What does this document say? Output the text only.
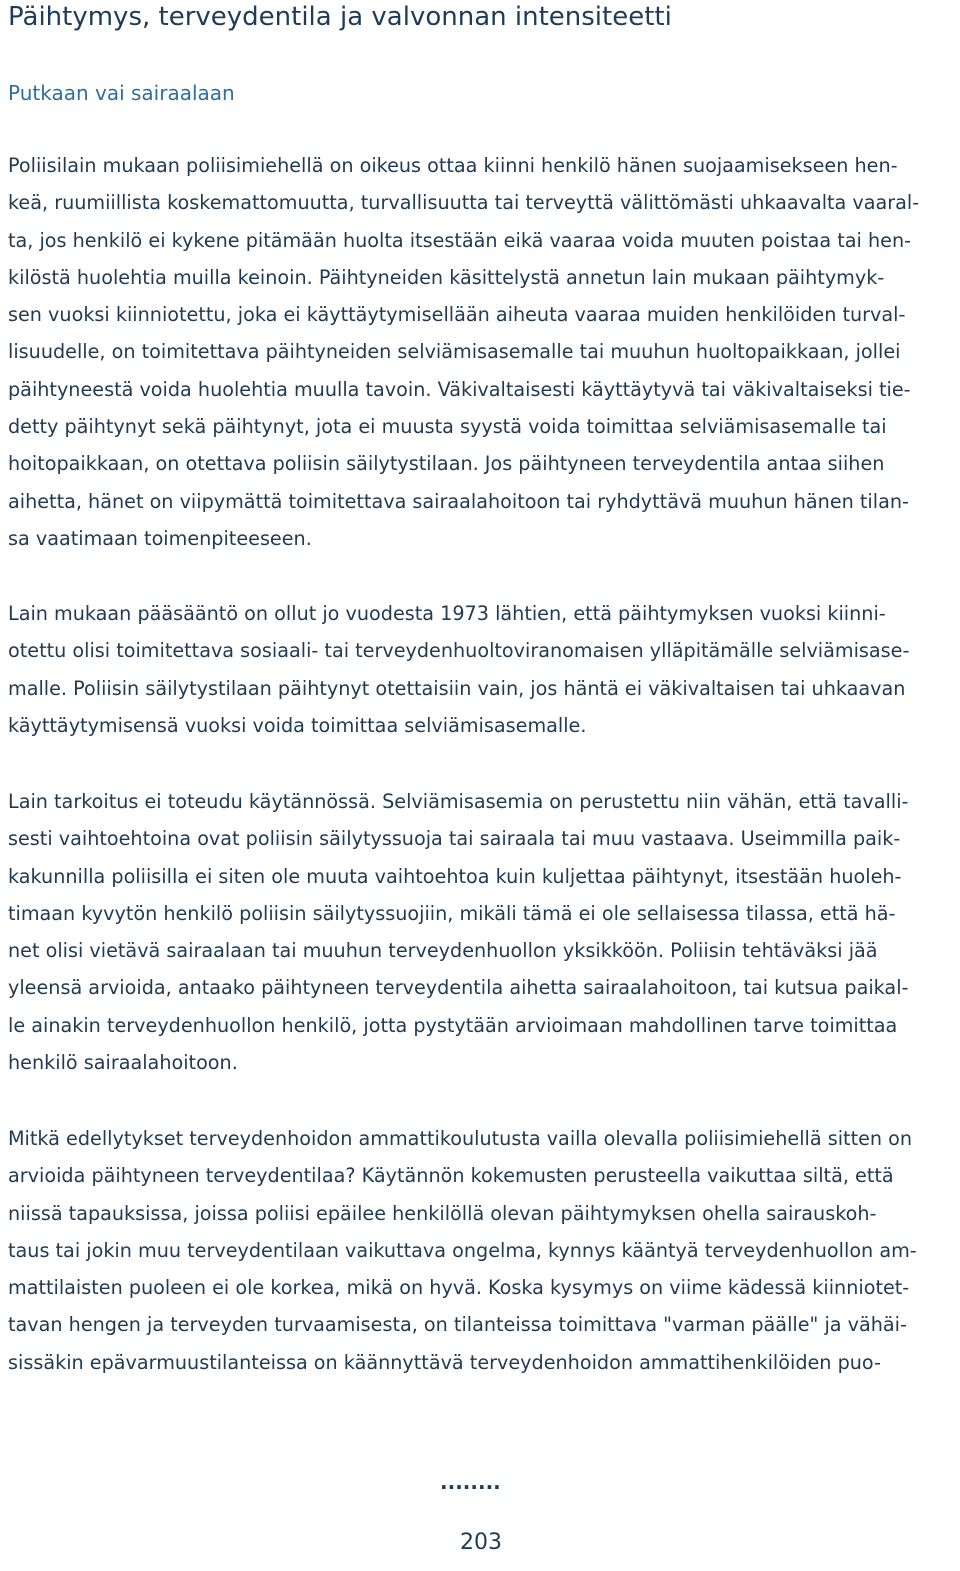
Päihtymys, terveydentila ja valvonnan intensiteetti
Putkaan vai sairaalaan

Poliisilain mukaan poliisimiehellä on oikeus ottaa kiinni henkilö hänen suojaamisekseen hen-
keä, ruumiillista koskemattomuutta, turvallisuutta tai terveyttä välittömästi uhkaavalta vaaral-
ta, jos henkilö ei kykene pitämään huolta itsestään eikä vaaraa voida muuten poistaa tai hen-
kilöstä huolehtia muilla keinoin. Päihtyneiden käsittelystä annetun lain mukaan päihtymyk-
sen vuoksi kiinniotettu, joka ei käyttäytymisellään aiheuta vaaraa muiden henkilöiden turval-
lisuudelle, on toimitettava päihtyneiden selviämisasemalle tai muuhun huoltopaikkaan, jollei
päihtyneestä voida huolehtia muulla tavoin. Väkivaltaisesti käyttäytyvä tai väkivaltaiseksi tie-
detty päihtynyt sekä päihtynyt, jota ei muusta syystä voida toimittaa selviämisasemalle tai
hoitopaikkaan, on otettava poliisin säilytystilaan. Jos päihtyneen terveydentila antaa siihen
aihetta, hänet on viipymättä toimitettava sairaalahoitoon tai ryhdyttävä muuhun hänen tilan-
sa vaatimaan toimenpiteeseen.

Lain mukaan pääsääntö on ollut jo vuodesta 1973 lähtien, että päihtymyksen vuoksi kiinni-
otettu olisi toimitettava sosiaali- tai terveydenhuoltoviranomaisen ylläpitämälle selviämisase-
malle. Poliisin säilytystilaan päihtynyt otettaisiin vain, jos häntä ei väkivaltaisen tai uhkaavan
käyttäytymisensä vuoksi voida toimittaa selviämisasemalle.

Lain tarkoitus ei toteudu käytännössä. Selviämisasemia on perustettu niin vähän, että tavalli-
sesti vaihtoehtoina ovat poliisin säilytyssuoja tai sairaala tai muu vastaava. Useimmilla paik-
kakunnilla poliisilla ei siten ole muuta vaihtoehtoa kuin kuljettaa päihtynyt, itsestään huoleh-
timaan kyvytön henkilö poliisin säilytyssuojiin, mikäli tämä ei ole sellaisessa tilassa, että hä-
net olisi vietävä sairaalaan tai muuhun terveydenhuollon yksikköön. Poliisin tehtäväksi jää
yleensä arvioida, antaako päihtyneen terveydentila aihetta sairaalahoitoon, tai kutsua paikal-
le ainakin terveydenhuollon henkilö, jotta pystytään arvioimaan mahdollinen tarve toimittaa
henkilö sairaalahoitoon.

Mitkä edellytykset terveydenhoidon ammattikoulutusta vailla olevalla poliisimiehellä sitten on
arvioida päihtyneen terveydentilaa? Käytännön kokemusten perusteella vaikuttaa siltä, että
niissä tapauksissa, joissa poliisi epäilee henkilöllä olevan päihtymyksen ohella sairauskoh-
taus tai jokin muu terveydentilaan vaikuttava ongelma, kynnys kääntyä terveydenhuollon am-
mattilaisten puoleen ei ole korkea, mikä on hyvä. Koska kysymys on viime kädessä kiinniotet-
tavan hengen ja terveyden turvaamisesta, on tilanteissa toimittava "varman päälle" ja vähäi-
sissäkin epävarmuustilanteissa on käännyttävä terveydenhoidon ammattihenkilöiden puo-

........
203
